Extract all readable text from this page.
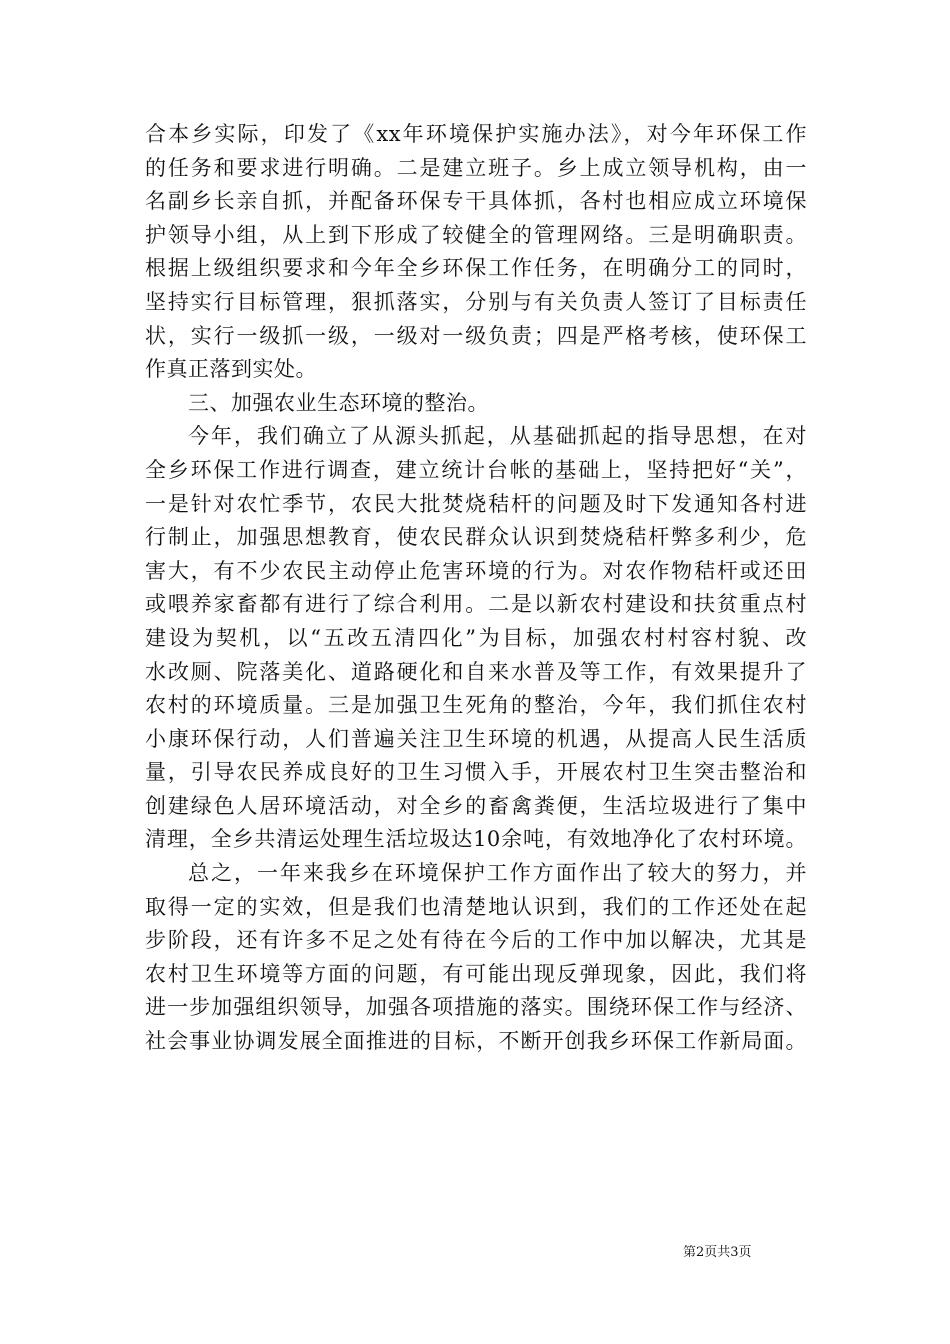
合本乡实际，印发了《xx年环境保护实施办法》，对今年环保工作
的任务和要求进行明确。二是建立班子。乡上成立领导机构，由一
名副乡长亲自抓，并配备环保专干具体抓，各村也相应成立环境保
护领导小组，从上到下形成了较健全的管理网络。三是明确职责。
根据上级组织要求和今年全乡环保工作任务，在明确分工的同时，
坚持实行目标管理，狠抓落实，分别与有关负责人签订了目标责任
状，实行一级抓一级，一级对一级负责；四是严格考核，使环保工
作真正落到实处。
三、加强农业生态环境的整治。
今年，我们确立了从源头抓起，从基础抓起的指导思想，在对
全乡环保工作进行调查，建立统计台帐的基础上，坚持把好“关”，
一是针对农忙季节，农民大批焚烧秸杆的问题及时下发通知各村进
行制止，加强思想教育，使农民群众认识到焚烧秸杆弊多利少，危
害大，有不少农民主动停止危害环境的行为。对农作物秸杆或还田
或喂养家畜都有进行了综合利用。二是以新农村建设和扶贫重点村
建设为契机，以“五改五清四化”为目标，加强农村村容村貌、改
水改厕、院落美化、道路硬化和自来水普及等工作，有效果提升了
农村的环境质量。三是加强卫生死角的整治，今年，我们抓住农村
小康环保行动，人们普遍关注卫生环境的机遇，从提高人民生活质
量，引导农民养成良好的卫生习惯入手，开展农村卫生突击整治和
创建绿色人居环境活动，对全乡的畜禽粪便，生活垃圾进行了集中
清理，全乡共清运处理生活垃圾达10余吨，有效地净化了农村环境。
总之，一年来我乡在环境保护工作方面作出了较大的努力，并
取得一定的实效，但是我们也清楚地认识到，我们的工作还处在起
步阶段，还有许多不足之处有待在今后的工作中加以解决，尤其是
农村卫生环境等方面的问题，有可能出现反弹现象，因此，我们将
进一步加强组织领导，加强各项措施的落实。围绕环保工作与经济、
社会事业协调发展全面推进的目标，不断开创我乡环保工作新局面。
第2页共3页
